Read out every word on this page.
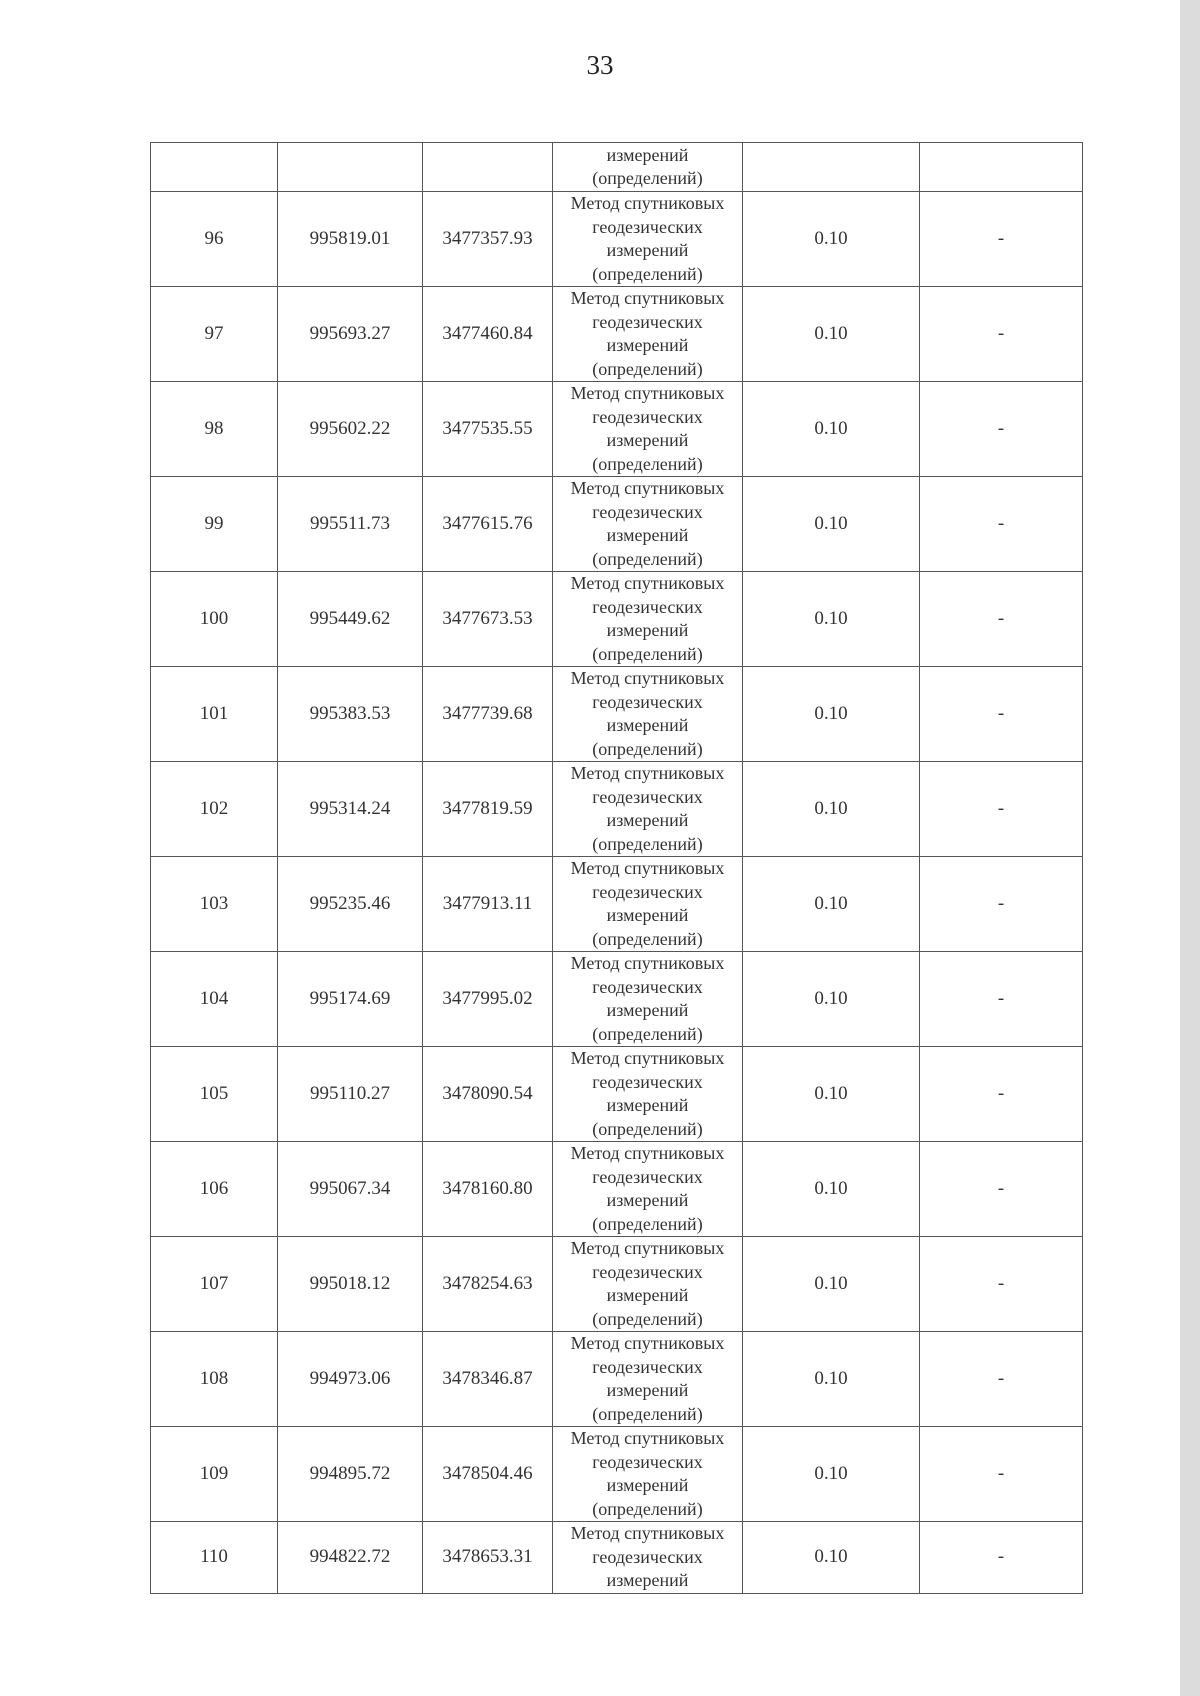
33

			измерений
(определений)		

96	995819.01	3477357.93	Метод спутниковых
геодезических
измерений
(определений)	0.10	-
97	995693.27	3477460.84	Метод спутниковых
геодезических
измерений
(определений)	0.10	-
98	995602.22	3477535.55	Метод спутниковых
геодезических
измерений
(определений)	0.10	-
99	995511.73	3477615.76	Метод спутниковых
геодезических
измерений
(определений)	0.10	-
100	995449.62	3477673.53	Метод спутниковых
геодезических
измерений
(определений)	0.10	-
101	995383.53	3477739.68	Метод спутниковых
геодезических
измерений
(определений)	0.10	-
102	995314.24	3477819.59	Метод спутниковых
геодезических
измерений
(определений)	0.10	-
103	995235.46	3477913.11	Метод спутниковых
геодезических
измерений
(определений)	0.10	-
104	995174.69	3477995.02	Метод спутниковых
геодезических
измерений
(определений)	0.10	-
105	995110.27	3478090.54	Метод спутниковых
геодезических
измерений
(определений)	0.10	-
106	995067.34	3478160.80	Метод спутниковых
геодезических
измерений
(определений)	0.10	-
107	995018.12	3478254.63	Метод спутниковых
геодезических
измерений
(определений)	0.10	-
108	994973.06	3478346.87	Метод спутниковых
геодезических
измерений
(определений)	0.10	-
109	994895.72	3478504.46	Метод спутниковых
геодезических
измерений
(определений)	0.10	-
110	994822.72	3478653.31	Метод спутниковых
геодезических
измерений	0.10	-
